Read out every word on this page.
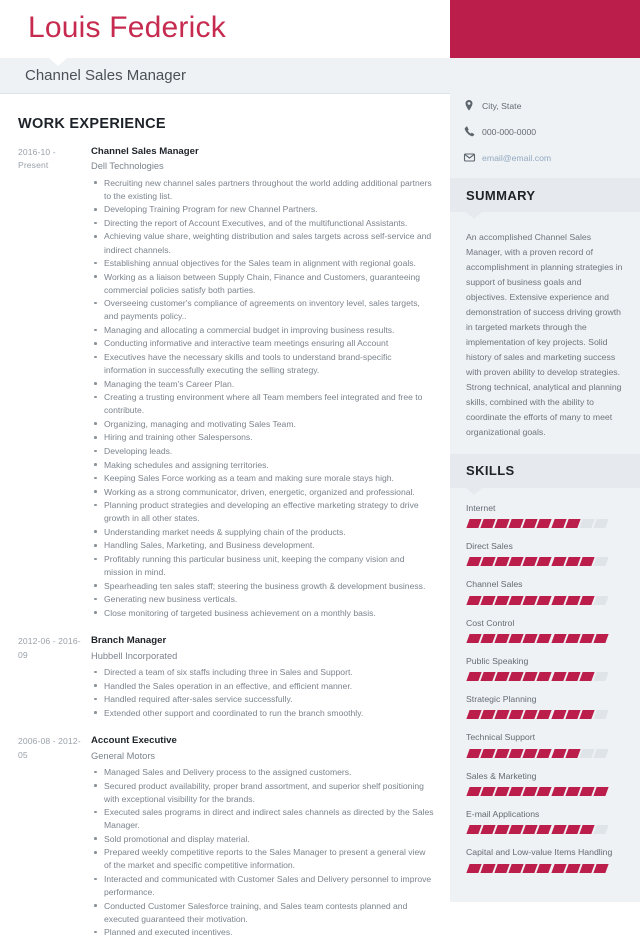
Louis Federick
Channel Sales Manager
WORK EXPERIENCE
2016-10 - Present
Channel Sales Manager
Dell Technologies
Recruiting new channel sales partners throughout the world adding additional partners to the existing list.
Developing Training Program for new Channel Partners.
Directing the report of Account Executives, and of the multifunctional Assistants.
Achieving value share, weighting distribution and sales targets across self-service and indirect channels.
Establishing annual objectives for the Sales team in alignment with regional goals.
Working as a liaison between Supply Chain, Finance and Customers, guaranteeing commercial policies satisfy both parties.
Overseeing customer's compliance of agreements on inventory level, sales targets, and payments policy..
Managing and allocating a commercial budget in improving business results.
Conducting informative and interactive team meetings ensuring all Account
Executives have the necessary skills and tools to understand brand-specific information in successfully executing the selling strategy.
Managing the team's Career Plan.
Creating a trusting environment where all Team members feel integrated and free to contribute.
Organizing, managing and motivating Sales Team.
Hiring and training other Salespersons.
Developing leads.
Making schedules and assigning territories.
Keeping Sales Force working as a team and making sure morale stays high.
Working as a strong communicator, driven, energetic, organized and professional.
Planning product strategies and developing an effective marketing strategy to drive growth in all other states.
Understanding market needs & supplying chain of the products.
Handling Sales, Marketing, and Business development.
Profitably running this particular business unit, keeping the company vision and mission in mind.
Spearheading ten sales staff; steering the business growth & development business.
Generating new business verticals.
Close monitoring of targeted business achievement on a monthly basis.
2012-06 - 2016-09
Branch Manager
Hubbell Incorporated
Directed a team of six staffs including three in Sales and Support.
Handled the Sales operation in an effective, and efficient manner.
Handled required after-sales service successfully.
Extended other support and coordinated to run the branch smoothly.
2006-08 - 2012-05
Account Executive
General Motors
Managed Sales and Delivery process to the assigned customers.
Secured product availability, proper brand assortment, and superior shelf positioning with exceptional visibility for the brands.
Executed sales programs in direct and indirect sales channels as directed by the Sales Manager.
Sold promotional and display material.
Prepared weekly competitive reports to the Sales Manager to present a general view of the market and specific competitive information.
Interacted and communicated with Customer Sales and Delivery personnel to improve performance.
Conducted Customer Salesforce training, and Sales team contests planned and executed guaranteed their motivation.
Planned and executed incentives.
City, State
000-000-0000
email@email.com
SUMMARY
An accomplished Channel Sales Manager, with a proven record of accomplishment in planning strategies in support of business goals and objectives. Extensive experience and demonstration of success driving growth in targeted markets through the implementation of key projects. Solid history of sales and marketing success with proven ability to develop strategies. Strong technical, analytical and planning skills, combined with the ability to coordinate the efforts of many to meet organizational goals.
SKILLS
Internet
Direct Sales
Channel Sales
Cost Control
Public Speaking
Strategic Planning
Technical Support
Sales & Marketing
E-mail Applications
Capital and Low-value Items Handling
